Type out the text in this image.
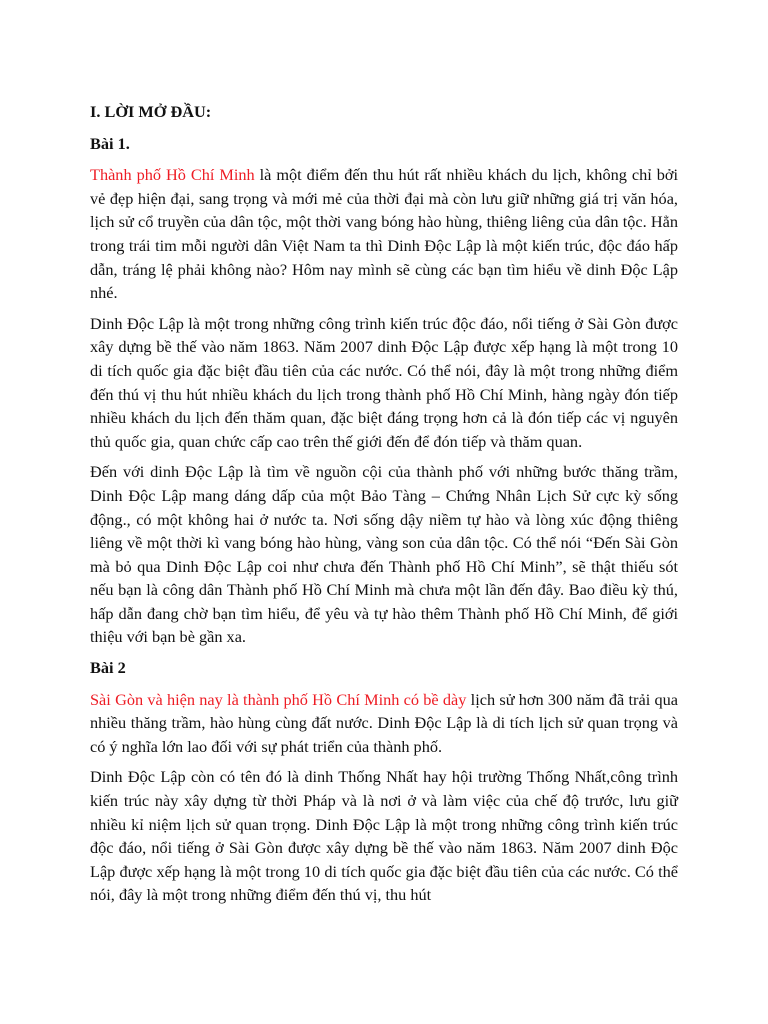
I. LỜI MỞ ĐẦU:
Bài 1.

Thành phố Hồ Chí Minh là một điểm đến thu hút rất nhiều khách du lịch, không chỉ bởi vẻ đẹp hiện đại, sang trọng và mới mẻ của thời đại mà còn lưu giữ những giá trị văn hóa, lịch sử cổ truyền của dân tộc, một thời vang bóng hào hùng, thiêng liêng của dân tộc. Hẳn trong trái tim mỗi người dân Việt Nam ta thì Dinh Độc Lập là một kiến trúc, độc đáo hấp dẫn, tráng lệ phải không nào? Hôm nay mình sẽ cùng các bạn tìm hiểu về dinh Độc Lập nhé.

Dinh Độc Lập là một trong những công trình kiến trúc độc đáo, nổi tiếng ở Sài Gòn được xây dựng bề thế vào năm 1863. Năm 2007 dinh Độc Lập được xếp hạng là một trong 10 di tích quốc gia đặc biệt đầu tiên của các nước. Có thể nói, đây là một trong những điểm đến thú vị thu hút nhiều khách du lịch trong thành phố Hồ Chí Minh, hàng ngày đón tiếp nhiều khách du lịch đến thăm quan, đặc biệt đáng trọng hơn cả là đón tiếp các vị nguyên thủ quốc gia, quan chức cấp cao trên thế giới đến để đón tiếp và thăm quan.

Đến với dinh Độc Lập là tìm về nguồn cội của thành phố với những bước thăng trầm, Dinh Độc Lập mang dáng dấp của một Bảo Tàng – Chứng Nhân Lịch Sử cực kỳ sống động., có một không hai ở nước ta. Nơi sống dậy niềm tự hào và lòng xúc động thiêng liêng về một thời kì vang bóng hào hùng, vàng son của dân tộc. Có thể nói “Đến Sài Gòn mà bỏ qua Dinh Độc Lập coi như chưa đến Thành phố Hồ Chí Minh”, sẽ thật thiếu sót nếu bạn là công dân Thành phố Hồ Chí Minh mà chưa một lần đến đây. Bao điều kỳ thú, hấp dẫn đang chờ bạn tìm hiểu, để yêu và tự hào thêm Thành phố Hồ Chí Minh, để giới thiệu với bạn bè gần xa.

Bài 2

Sài Gòn và hiện nay là thành phố Hồ Chí Minh có bề dày lịch sử hơn 300 năm đã trải qua nhiều thăng trầm, hào hùng cùng đất nước. Dinh Độc Lập là di tích lịch sử quan trọng và có ý nghĩa lớn lao đối với sự phát triển của thành phố.

Dinh Độc Lập còn có tên đó là dinh Thống Nhất hay hội trường Thống Nhất,công trình kiến trúc này xây dựng từ thời Pháp và là nơi ở và làm việc của chế độ trước, lưu giữ nhiều kỉ niệm lịch sử quan trọng. Dinh Độc Lập là một trong những công trình kiến trúc độc đáo, nổi tiếng ở Sài Gòn được xây dựng bề thế vào năm 1863. Năm 2007 dinh Độc Lập được xếp hạng là một trong 10 di tích quốc gia đặc biệt đầu tiên của các nước. Có thể nói, đây là một trong những điểm đến thú vị, thu hút
